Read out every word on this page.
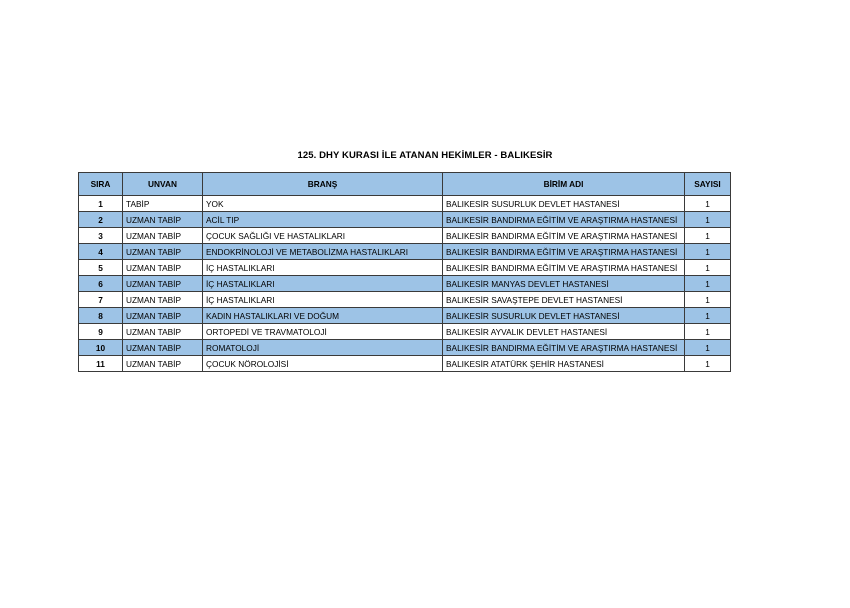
125. DHY KURASI İLE ATANAN HEKİMLER - BALIKESİR
SIRA	UNVAN	BRANŞ	BİRİM ADI	SAYISI
1	TABİP	YOK	BALIKESİR SUSURLUK DEVLET HASTANESİ	1
2	UZMAN TABİP	ACİL TIP	BALIKESİR BANDIRMA EĞİTİM VE ARAŞTIRMA HASTANESİ	1
3	UZMAN TABİP	ÇOCUK SAĞLIĞI VE HASTALIKLARI	BALIKESİR BANDIRMA EĞİTİM VE ARAŞTIRMA HASTANESİ	1
4	UZMAN TABİP	ENDOKRİNOLOJİ VE METABOLİZMA HASTALIKLARI	BALIKESİR BANDIRMA EĞİTİM VE ARAŞTIRMA HASTANESİ	1
5	UZMAN TABİP	İÇ HASTALIKLARI	BALIKESİR BANDIRMA EĞİTİM VE ARAŞTIRMA HASTANESİ	1
6	UZMAN TABİP	İÇ HASTALIKLARI	BALIKESİR MANYAS DEVLET HASTANESİ	1
7	UZMAN TABİP	İÇ HASTALIKLARI	BALIKESİR SAVAŞTEPE DEVLET HASTANESİ	1
8	UZMAN TABİP	KADIN HASTALIKLARI VE DOĞUM	BALIKESİR SUSURLUK DEVLET HASTANESİ	1
9	UZMAN TABİP	ORTOPEDİ VE TRAVMATOLOJİ	BALIKESİR AYVALIK DEVLET HASTANESİ	1
10	UZMAN TABİP	ROMATOLOJİ	BALIKESİR BANDIRMA EĞİTİM VE ARAŞTIRMA HASTANESİ	1
11	UZMAN TABİP	ÇOCUK NÖROLOJİSİ	BALIKESİR ATATÜRK ŞEHİR HASTANESİ	1
